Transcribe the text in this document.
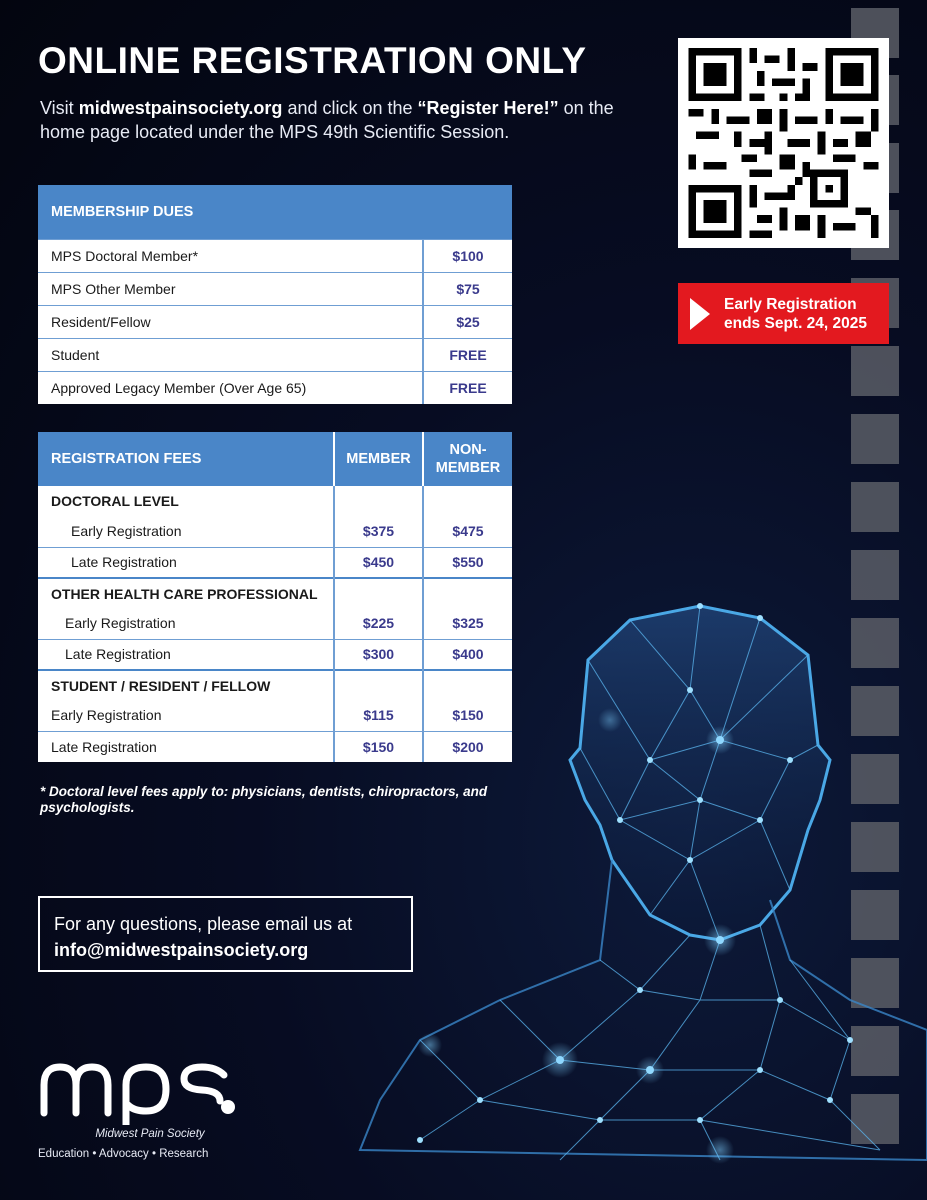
ONLINE REGISTRATION ONLY
Visit midwestpainsociety.org and click on the “Register Here!” on the home page located under the MPS 49th Scientific Session.
Early Registration
ends Sept. 24, 2025
MEMBERSHIP DUES	
MPS Doctoral Member*	$100
MPS Other Member	$75
Resident/Fellow	$25
Student	FREE
Approved Legacy Member (Over Age 65)	FREE
REGISTRATION FEES	MEMBER	NON-
MEMBER
DOCTORAL LEVEL		
Early Registration	$375	$475
Late Registration	$450	$550
OTHER HEALTH CARE PROFESSIONAL		
Early Registration	$225	$325
Late Registration	$300	$400
STUDENT / RESIDENT / FELLOW		
Early Registration	$115	$150
Late Registration	$150	$200
* Doctoral level fees apply to: physicians, dentists, chiropractors, and psychologists.
For any questions, please email us at
info@midwestpainsociety.org
Midwest Pain Society
Education • Advocacy • Research
